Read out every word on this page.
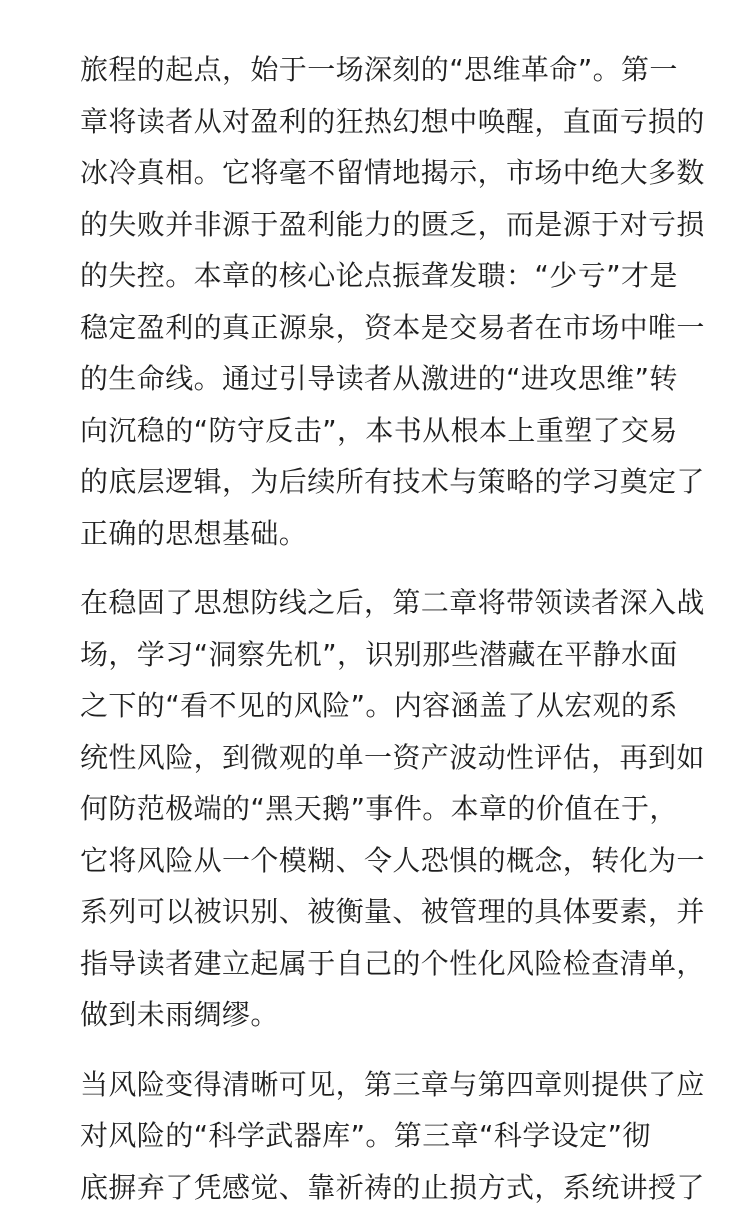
旅程的起点，始于一场深刻的“思维革命”。第一
章将读者从对盈利的狂热幻想中唤醒，直面亏损的
冰冷真相。它将毫不留情地揭示，市场中绝大多数
的失败并非源于盈利能力的匮乏，而是源于对亏损
的失控。本章的核心论点振聋发聩：“少亏”才是
稳定盈利的真正源泉，资本是交易者在市场中唯一
的生命线。通过引导读者从激进的“进攻思维”转
向沉稳的“防守反击”，本书从根本上重塑了交易
的底层逻辑，为后续所有技术与策略的学习奠定了
正确的思想基础。
在稳固了思想防线之后，第二章将带领读者深入战
场，学习“洞察先机”，识别那些潜藏在平静水面
之下的“看不见的风险”。内容涵盖了从宏观的系
统性风险，到微观的单一资产波动性评估，再到如
何防范极端的“黑天鹅”事件。本章的价值在于，
它将风险从一个模糊、令人恐惧的概念，转化为一
系列可以被识别、被衡量、被管理的具体要素，并
指导读者建立起属于自己的个性化风险检查清单，
做到未雨绸缪。
当风险变得清晰可见，第三章与第四章则提供了应
对风险的“科学武器库”。第三章“科学设定”彻
底摒弃了凭感觉、靠祈祷的止损方式，系统讲授了
